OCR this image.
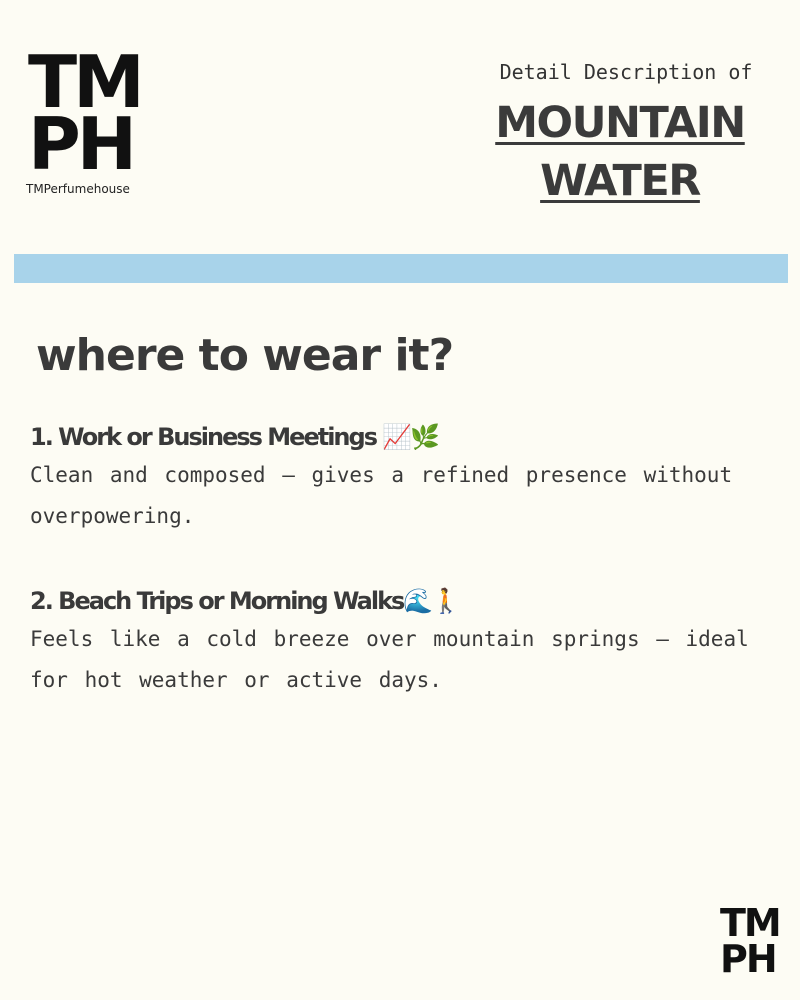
TM
PH
TMPerfumehouse
Detail Description of
MOUNTAIN
WATER
where to wear it?
1. Work or Business Meetings 📈🌿
Clean and composed — gives a refined presence without overpowering.
2. Beach Trips or Morning Walks🌊🚶
Feels like a cold breeze over mountain springs — ideal for hot weather or active days.
TM
PH
